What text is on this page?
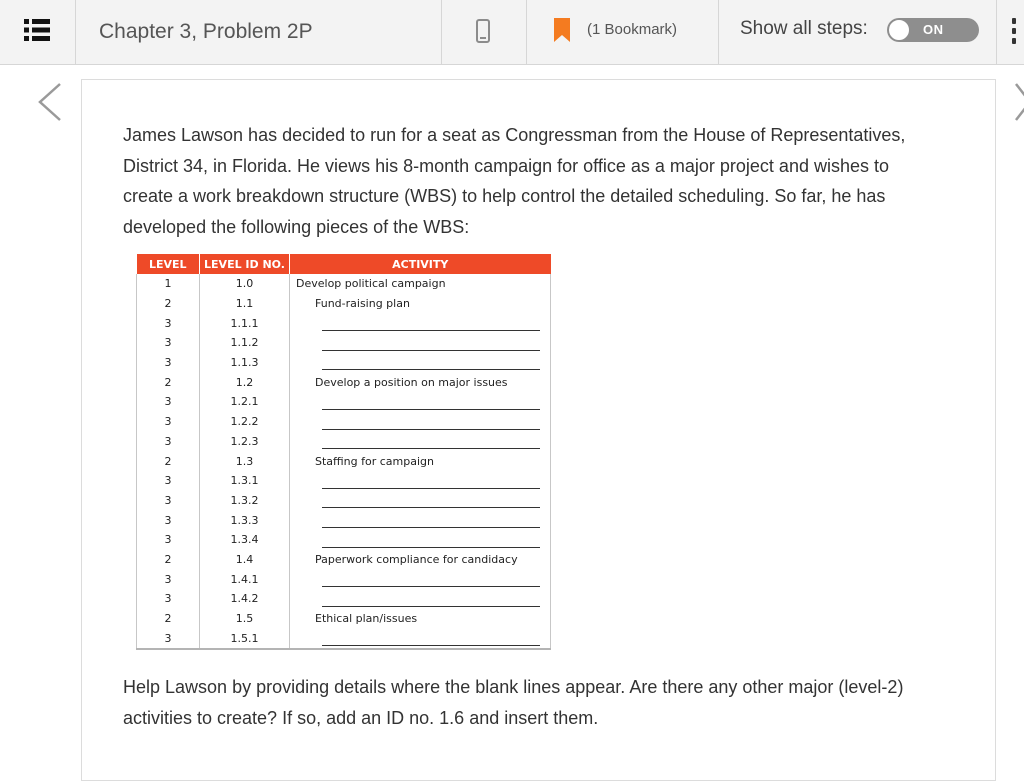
Chapter 3, Problem 2P	(1 Bookmark)	Show all steps:	ON

James Lawson has decided to run for a seat as Congressman from the House of Representatives, District 34, in Florida. He views his 8-month campaign for office as a major project and wishes to create a work breakdown structure (WBS) to help control the detailed scheduling. So far, he has developed the following pieces of the WBS:

LEVEL	LEVEL ID NO.	ACTIVITY
1	1.0	Develop political campaign
2	1.1	Fund-raising plan
3	1.1.1	

3	1.1.2	

3	1.1.3	

2	1.2	Develop a position on major issues
3	1.2.1	

3	1.2.2	

3	1.2.3	

2	1.3	Staffing for campaign
3	1.3.1	

3	1.3.2	

3	1.3.3	

3	1.3.4	

2	1.4	Paperwork compliance for candidacy
3	1.4.1	

3	1.4.2	

2	1.5	Ethical plan/issues
3	1.5.1	

Help Lawson by providing details where the blank lines appear. Are there any other major (level-2) activities to create? If so, add an ID no. 1.6 and insert them.
